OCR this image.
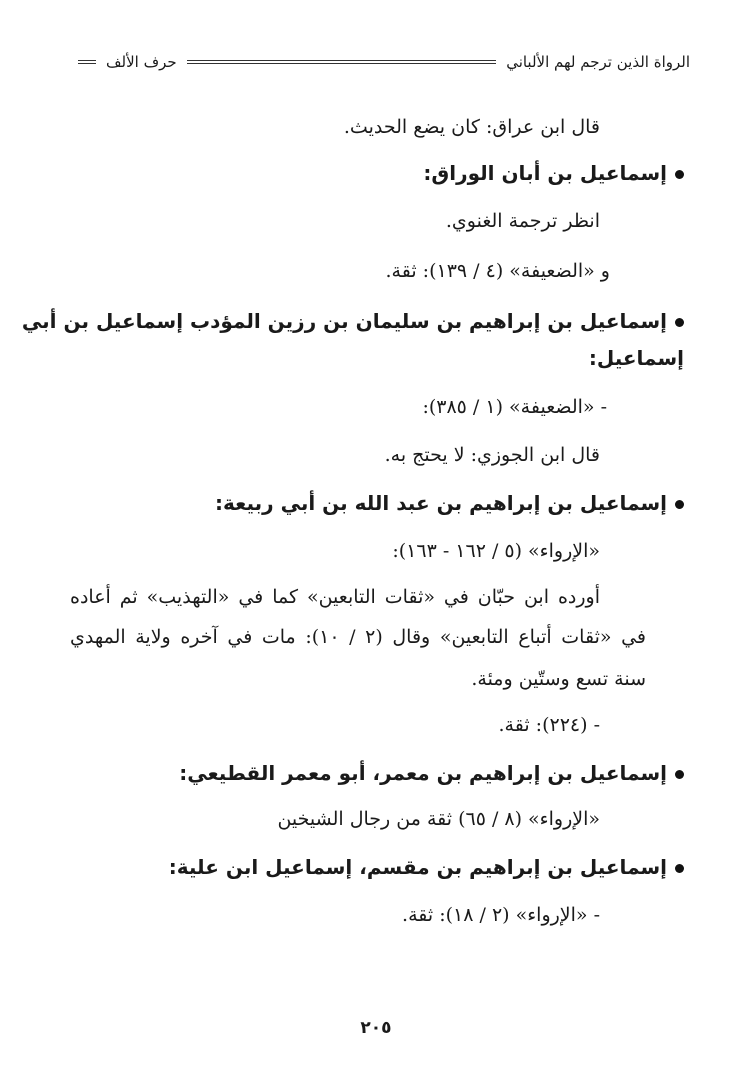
الرواة الذين ترجم لهم الألباني
حرف الألف
قال ابن عراق: كان يضع الحديث.
إسماعيل بن أبان الوراق:
انظر ترجمة الغنوي.
و «الضعيفة» (٤ / ١٣٩): ثقة.
إسماعيل بن إبراهيم بن سليمان بن رزين المؤدب إسماعيل بن أبي
إسماعيل:
- «الضعيفة» (١ / ٣٨٥):
قال ابن الجوزي: لا يحتج به.
إسماعيل بن إبراهيم بن عبد الله بن أبي ربيعة:
«الإرواء» (٥ / ١٦٢ - ١٦٣):
أورده ابن حبّان في «ثقات التابعين» كما في «التهذيب» ثم أعاده
في «ثقات أتباع التابعين» وقال (٢ / ١٠): مات في آخره ولاية المهدي
سنة تسع وستّين ومئة.
- (٢٢٤): ثقة.
إسماعيل بن إبراهيم بن معمر، أبو معمر القطيعي:
«الإرواء» (٨ / ٦٥) ثقة من رجال الشيخين
إسماعيل بن إبراهيم بن مقسم، إسماعيل ابن علية:
- «الإرواء» (٢ / ١٨): ثقة.
٢٠٥
